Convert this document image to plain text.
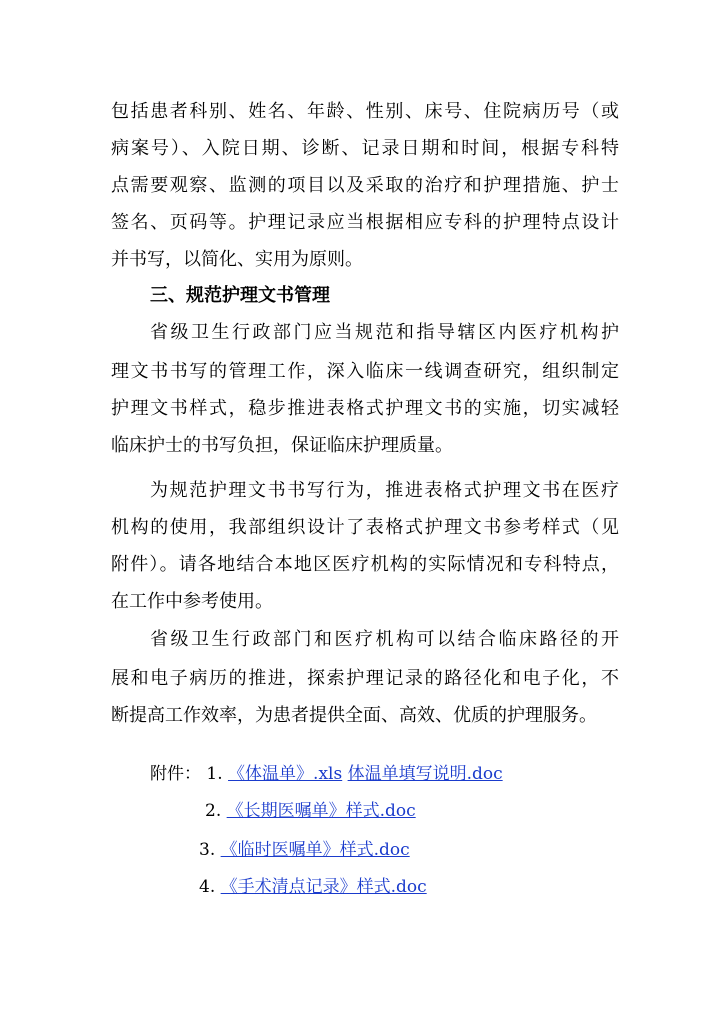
包括患者科别、姓名、年龄、性别、床号、住院病历号（或
病案号）、入院日期、诊断、记录日期和时间，根据专科特
点需要观察、监测的项目以及采取的治疗和护理措施、护士
签名、页码等。护理记录应当根据相应专科的护理特点设计
并书写，以简化、实用为原则。
三、规范护理文书管理
省级卫生行政部门应当规范和指导辖区内医疗机构护
理文书书写的管理工作，深入临床一线调查研究，组织制定
护理文书样式，稳步推进表格式护理文书的实施，切实减轻
临床护士的书写负担，保证临床护理质量。
为规范护理文书书写行为，推进表格式护理文书在医疗
机构的使用，我部组织设计了表格式护理文书参考样式（见
附件）。请各地结合本地区医疗机构的实际情况和专科特点，
在工作中参考使用。
省级卫生行政部门和医疗机构可以结合临床路径的开
展和电子病历的推进，探索护理记录的路径化和电子化，不
断提高工作效率，为患者提供全面、高效、优质的护理服务。
附件： 1. 《体温单》.xls 体温单填写说明.doc
2. 《长期医嘱单》样式.doc
3. 《临时医嘱单》样式.doc
4. 《手术清点记录》样式.doc
